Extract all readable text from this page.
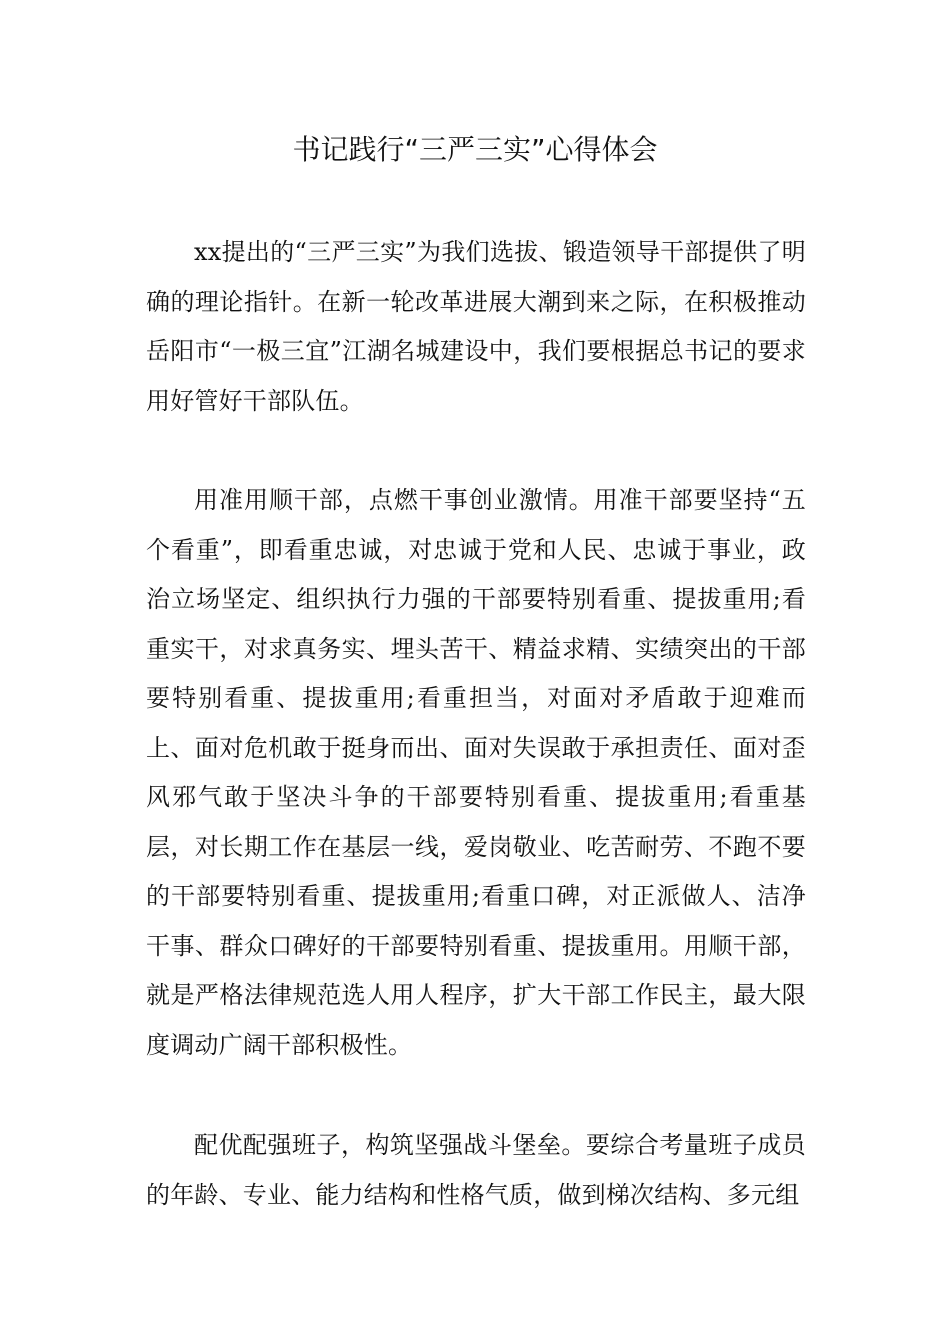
书记践行“三严三实”心得体会

xx提出的“三严三实”为我们选拔、锻造领导干部提供了明确的理论指针。在新一轮改革进展大潮到来之际，在积极推动岳阳市“一极三宜”江湖名城建设中，我们要根据总书记的要求用好管好干部队伍。

用准用顺干部，点燃干事创业激情。用准干部要坚持“五个看重”，即看重忠诚，对忠诚于党和人民、忠诚于事业，政治立场坚定、组织执行力强的干部要特别看重、提拔重用;看重实干，对求真务实、埋头苦干、精益求精、实绩突出的干部要特别看重、提拔重用;看重担当，对面对矛盾敢于迎难而上、面对危机敢于挺身而出、面对失误敢于承担责任、面对歪风邪气敢于坚决斗争的干部要特别看重、提拔重用;看重基层，对长期工作在基层一线，爱岗敬业、吃苦耐劳、不跑不要的干部要特别看重、提拔重用;看重口碑，对正派做人、洁净干事、群众口碑好的干部要特别看重、提拔重用。用顺干部，就是严格法律规范选人用人程序，扩大干部工作民主，最大限度调动广阔干部积极性。

配优配强班子，构筑坚强战斗堡垒。要综合考量班子成员的年龄、专业、能力结构和性格气质，做到梯次结构、多元组
